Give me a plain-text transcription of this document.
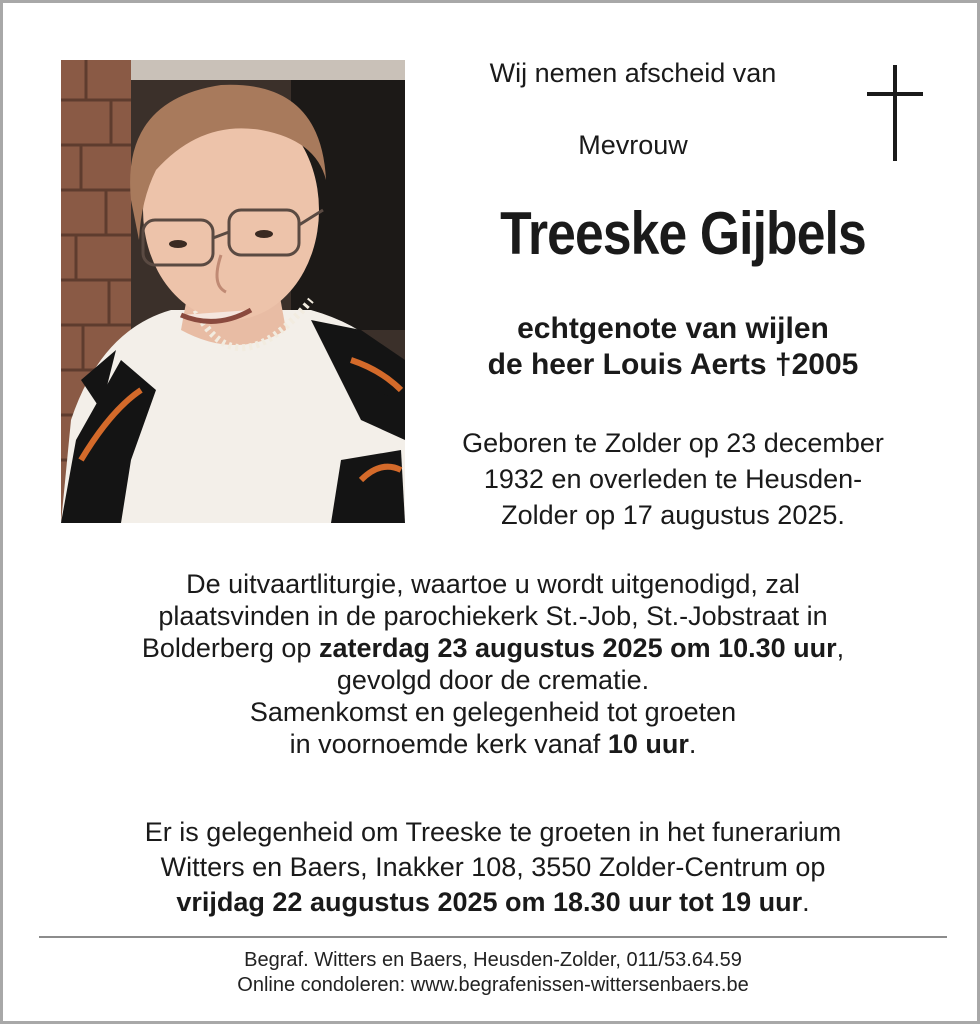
Wij nemen afscheid van
Mevrouw
Treeske Gijbels
echtgenote van wijlen
de heer Louis Aerts †2005
Geboren te Zolder op 23 december
1932 en overleden te Heusden-
Zolder op 17 augustus 2025.
De uitvaartliturgie, waartoe u wordt uitgenodigd, zal
plaatsvinden in de parochiekerk St.-Job, St.-Jobstraat in
Bolderberg op zaterdag 23 augustus 2025 om 10.30 uur,
gevolgd door de crematie.
Samenkomst en gelegenheid tot groeten
in voornoemde kerk vanaf 10 uur.
Er is gelegenheid om Treeske te groeten in het funerarium
Witters en Baers, Inakker 108, 3550 Zolder-Centrum op
vrijdag 22 augustus 2025 om 18.30 uur tot 19 uur.
Begraf. Witters en Baers, Heusden-Zolder, 011/53.64.59
Online condoleren: www.begrafenissen-wittersenbaers.be
